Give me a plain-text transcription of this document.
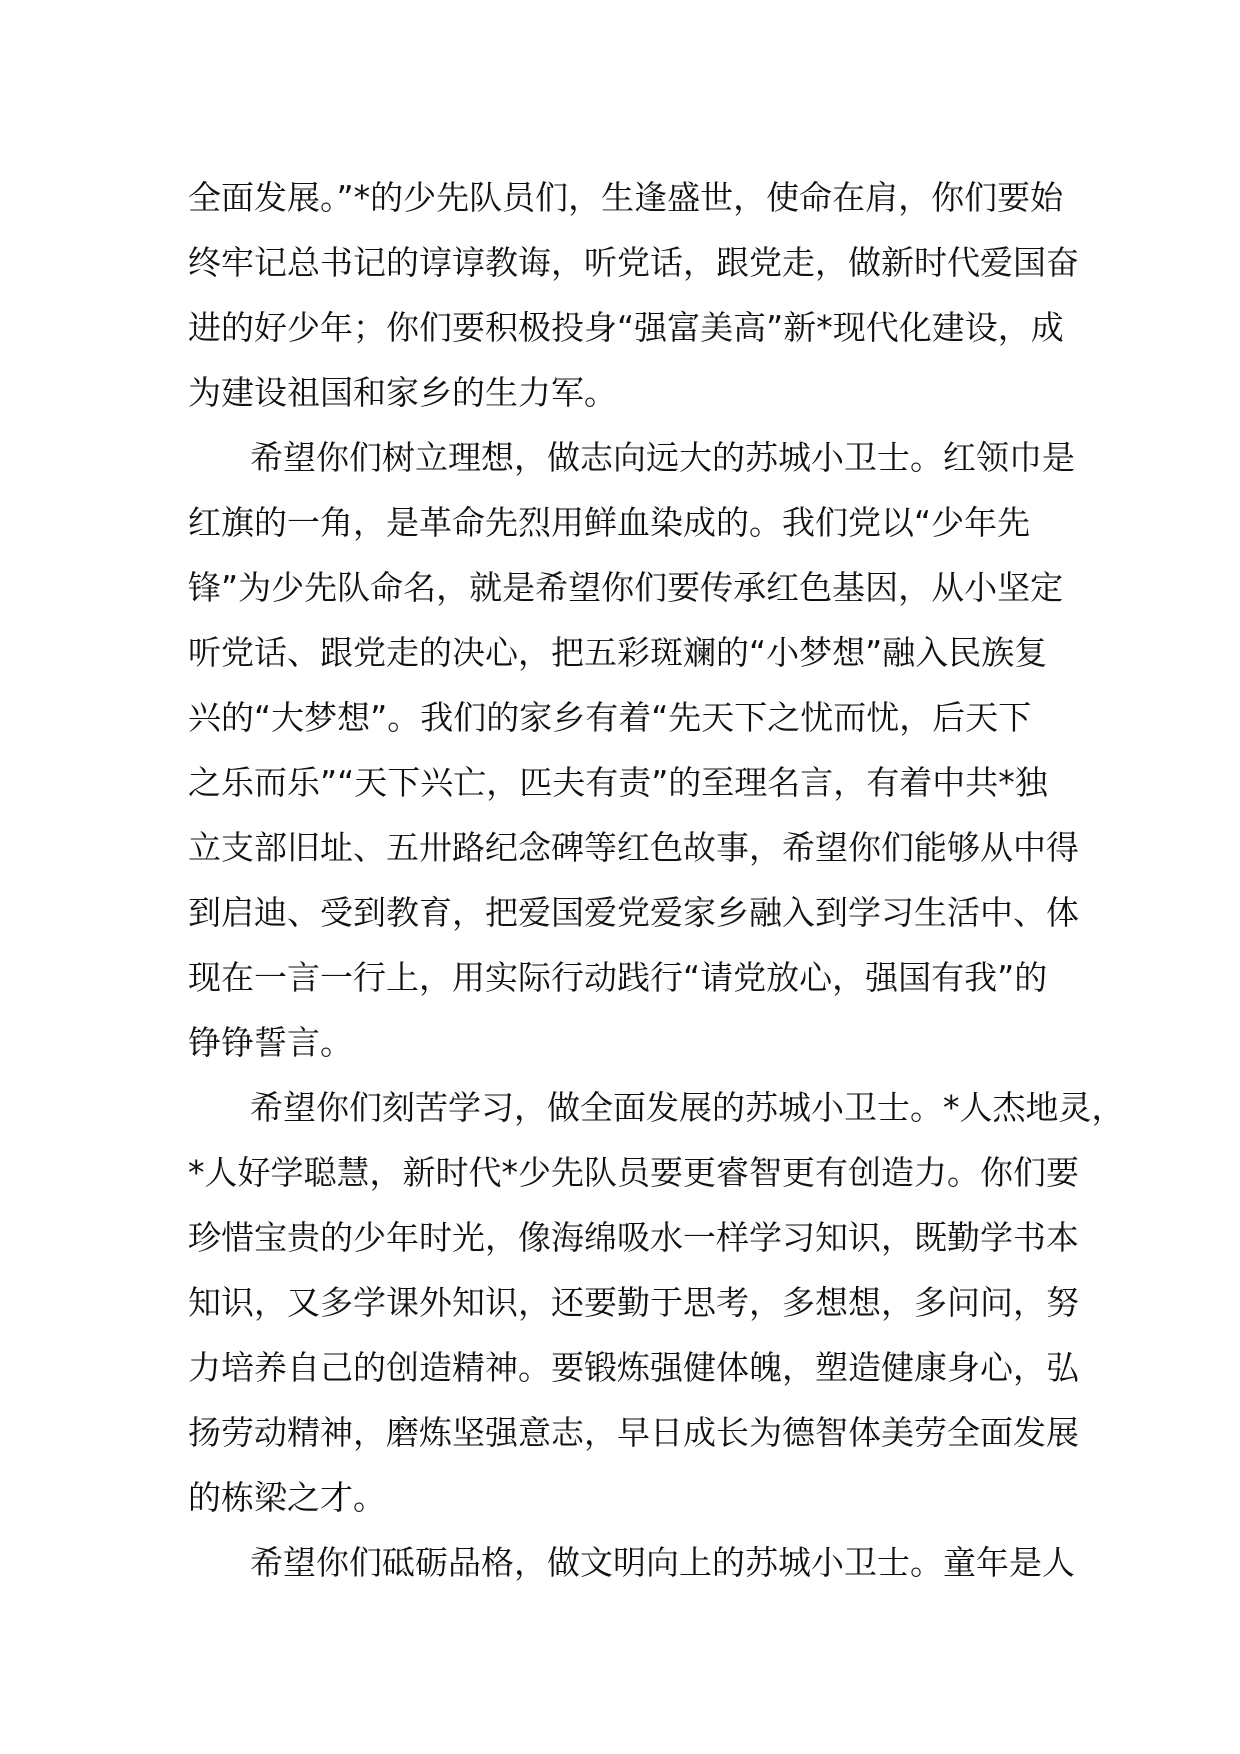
全面发展。”*的少先队员们，生逢盛世，使命在肩，你们要始
终牢记总书记的谆谆教诲，听党话，跟党走，做新时代爱国奋
进的好少年；你们要积极投身“强富美高”新*现代化建设，成
为建设祖国和家乡的生力军。
希望你们树立理想，做志向远大的苏城小卫士。红领巾是
红旗的一角，是革命先烈用鲜血染成的。我们党以“少年先
锋”为少先队命名，就是希望你们要传承红色基因，从小坚定
听党话、跟党走的决心，把五彩斑斓的“小梦想”融入民族复
兴的“大梦想”。我们的家乡有着“先天下之忧而忧，后天下
之乐而乐”“天下兴亡，匹夫有责”的至理名言，有着中共*独
立支部旧址、五卅路纪念碑等红色故事，希望你们能够从中得
到启迪、受到教育，把爱国爱党爱家乡融入到学习生活中、体
现在一言一行上，用实际行动践行“请党放心，强国有我”的
铮铮誓言。
希望你们刻苦学习，做全面发展的苏城小卫士。*人杰地灵，
*人好学聪慧，新时代*少先队员要更睿智更有创造力。你们要
珍惜宝贵的少年时光，像海绵吸水一样学习知识，既勤学书本
知识，又多学课外知识，还要勤于思考，多想想，多问问，努
力培养自己的创造精神。要锻炼强健体魄，塑造健康身心，弘
扬劳动精神，磨炼坚强意志，早日成长为德智体美劳全面发展
的栋梁之才。
希望你们砥砺品格，做文明向上的苏城小卫士。童年是人
